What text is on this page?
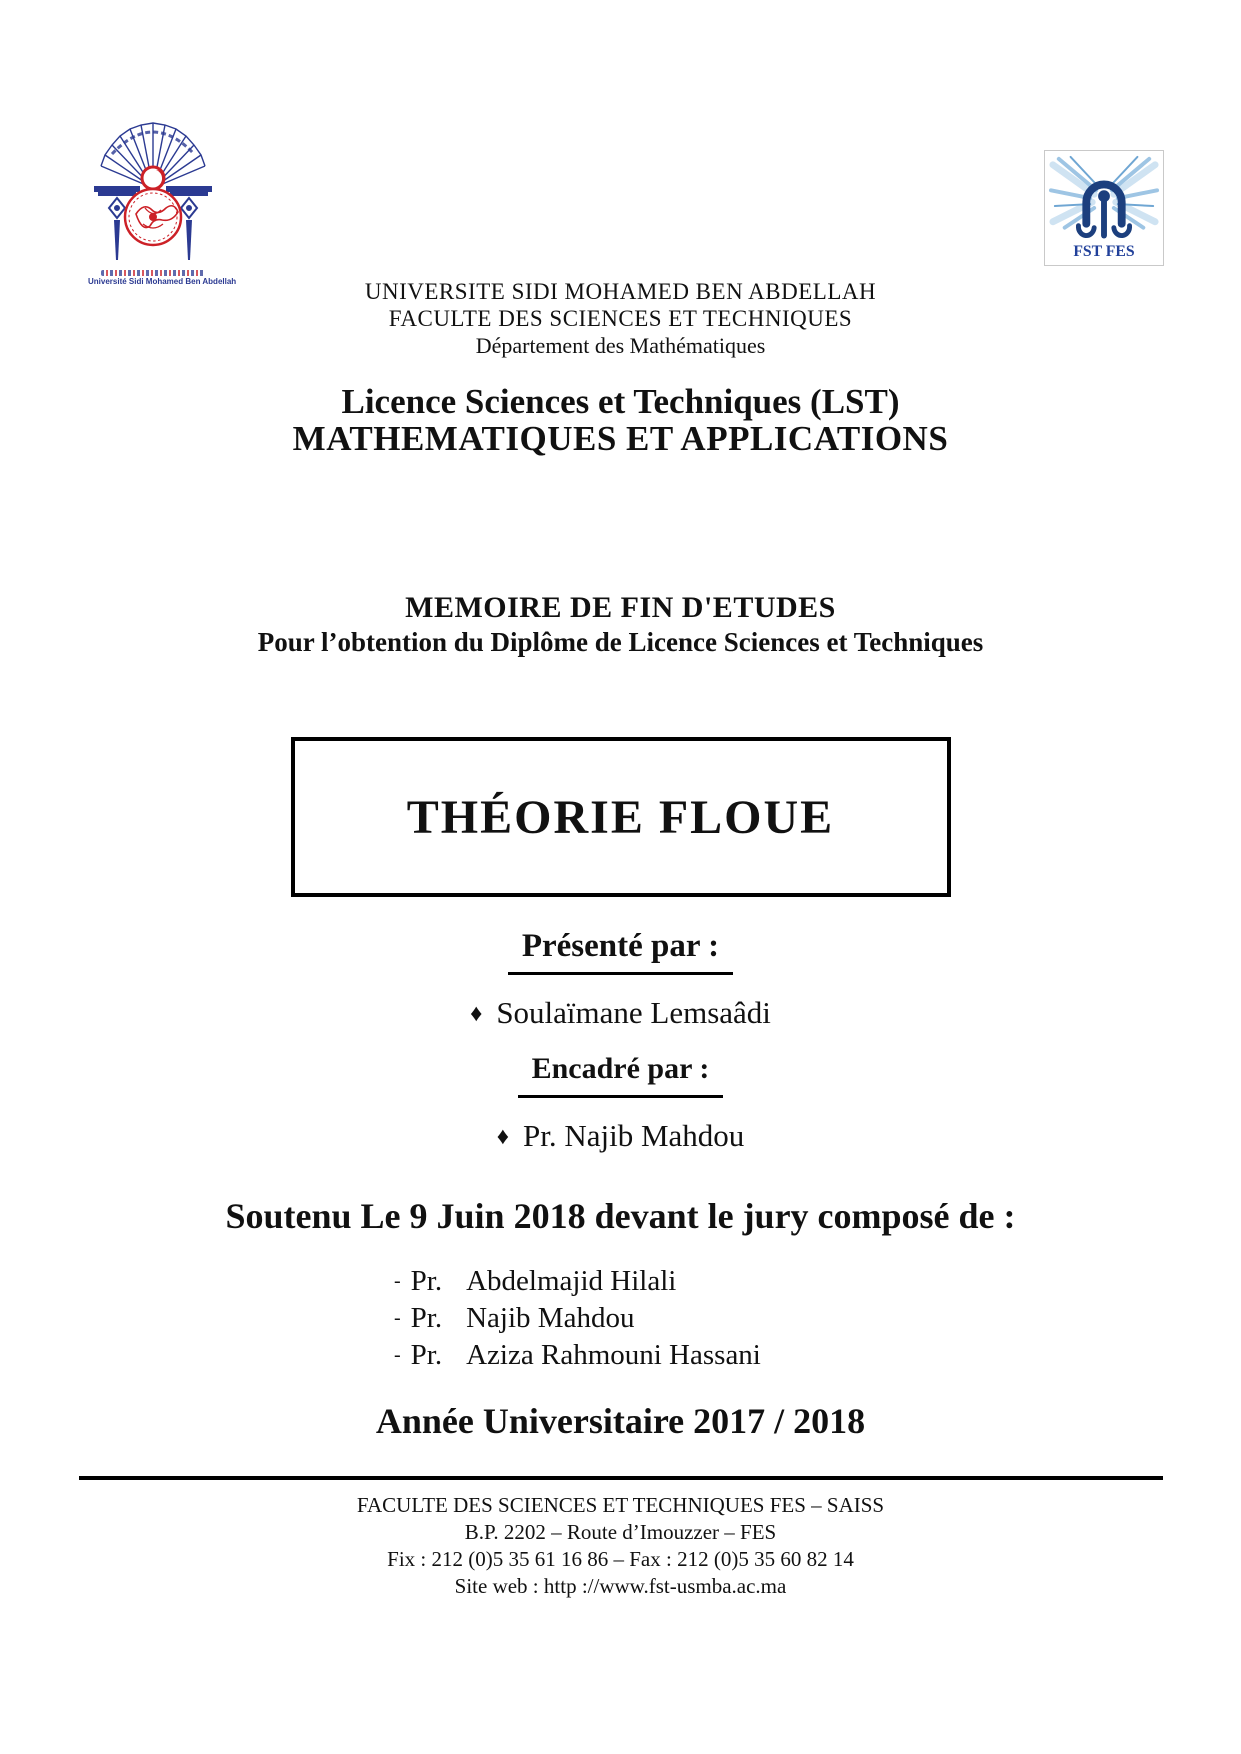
Université Sidi Mohamed Ben Abdellah
FST FES
UNIVERSITE SIDI MOHAMED BEN ABDELLAH
FACULTE DES SCIENCES ET TECHNIQUES
Département des Mathématiques
Licence Sciences et Techniques (LST)
MATHEMATIQUES ET APPLICATIONS
MEMOIRE DE FIN D'ETUDES
Pour l’obtention du Diplôme de Licence Sciences et Techniques
THÉORIE FLOUE
Présenté par :
♦ Soulaïmane Lemsaâdi
Encadré par :
♦ Pr. Najib Mahdou
Soutenu Le 9 Juin 2018 devant le jury composé de :
- Pr. Abdelmajid Hilali
- Pr. Najib Mahdou
- Pr. Aziza Rahmouni Hassani
Année Universitaire 2017 / 2018
FACULTE DES SCIENCES ET TECHNIQUES FES – SAISS
B.P. 2202 – Route d’Imouzzer – FES
Fix : 212 (0)5 35 61 16 86 – Fax : 212 (0)5 35 60 82 14
Site web : http ://www.fst-usmba.ac.ma
